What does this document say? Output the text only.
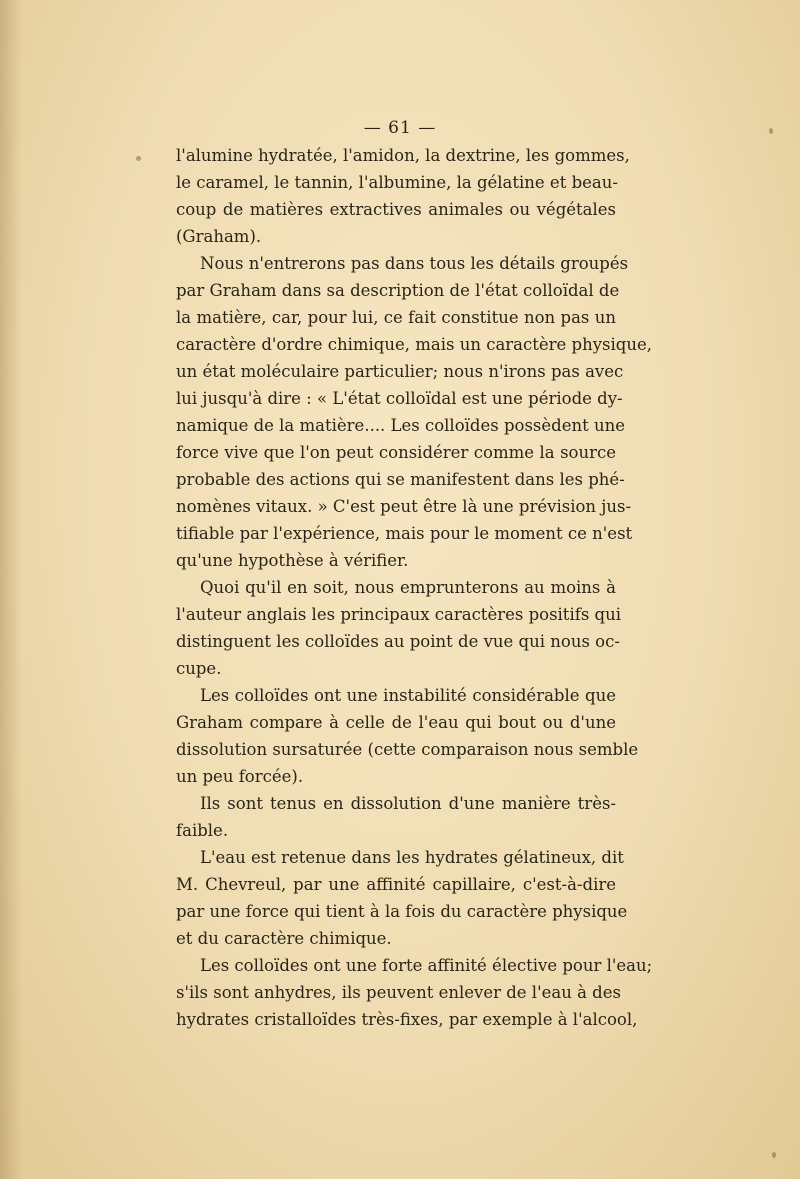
— 61 —
l'alumine hydratée, l'amidon, la dextrine, les gommes,
le caramel, le tannin, l'albumine, la gélatine et beau-
coup de matières extractives animales ou végétales
(Graham).
Nous n'entrerons pas dans tous les détails groupés
par Graham dans sa description de l'état colloïdal de
la matière, car, pour lui, ce fait constitue non pas un
caractère d'ordre chimique, mais un caractère physique,
un état moléculaire particulier; nous n'irons pas avec
lui jusqu'à dire : « L'état colloïdal est une période dy-
namique de la matière.... Les colloïdes possèdent une
force vive que l'on peut considérer comme la source
probable des actions qui se manifestent dans les phé-
nomènes vitaux. » C'est peut être là une prévision jus-
tifiable par l'expérience, mais pour le moment ce n'est
qu'une hypothèse à vérifier.
Quoi qu'il en soit, nous emprunterons au moins à
l'auteur anglais les principaux caractères positifs qui
distinguent les colloïdes au point de vue qui nous oc-
cupe.
Les colloïdes ont une instabilité considérable que
Graham compare à celle de l'eau qui bout ou d'une
dissolution sursaturée (cette comparaison nous semble
un peu forcée).
Ils sont tenus en dissolution d'une manière très-
faible.
L'eau est retenue dans les hydrates gélatineux, dit
M. Chevreul, par une affinité capillaire, c'est-à-dire
par une force qui tient à la fois du caractère physique
et du caractère chimique.
Les colloïdes ont une forte affinité élective pour l'eau;
s'ils sont anhydres, ils peuvent enlever de l'eau à des
hydrates cristalloïdes très-fixes, par exemple à l'alcool,
